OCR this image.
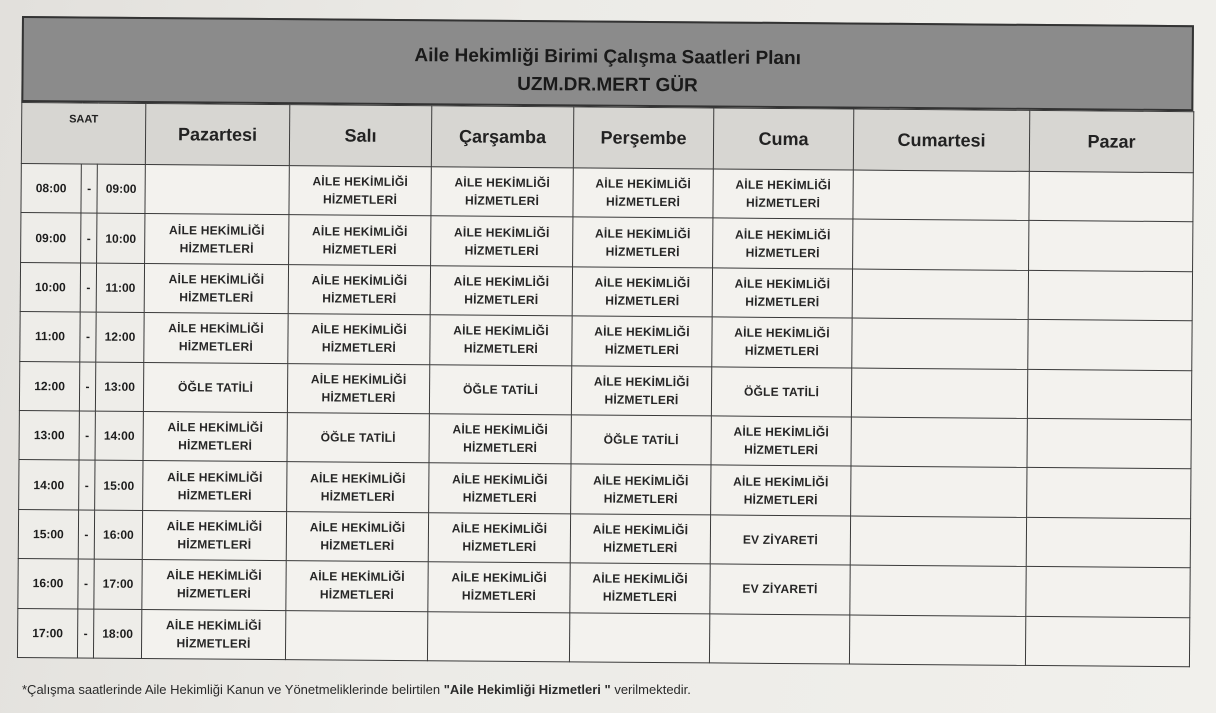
Aile Hekimliği Birimi Çalışma Saatleri Planı
UZM.DR.MERT GÜR
SAAT			Pazartesi	Salı	Çarşamba	Perşembe	Cuma	Cumartesi	Pazar
08:00	-	09:00		AİLE HEKİMLİĞİ HİZMETLERİ	AİLE HEKİMLİĞİ HİZMETLERİ	AİLE HEKİMLİĞİ HİZMETLERİ	AİLE HEKİMLİĞİ HİZMETLERİ		
09:00	-	10:00	AİLE HEKİMLİĞİ HİZMETLERİ	AİLE HEKİMLİĞİ HİZMETLERİ	AİLE HEKİMLİĞİ HİZMETLERİ	AİLE HEKİMLİĞİ HİZMETLERİ	AİLE HEKİMLİĞİ HİZMETLERİ		
10:00	-	11:00	AİLE HEKİMLİĞİ HİZMETLERİ	AİLE HEKİMLİĞİ HİZMETLERİ	AİLE HEKİMLİĞİ HİZMETLERİ	AİLE HEKİMLİĞİ HİZMETLERİ	AİLE HEKİMLİĞİ HİZMETLERİ		
11:00	-	12:00	AİLE HEKİMLİĞİ HİZMETLERİ	AİLE HEKİMLİĞİ HİZMETLERİ	AİLE HEKİMLİĞİ HİZMETLERİ	AİLE HEKİMLİĞİ HİZMETLERİ	AİLE HEKİMLİĞİ HİZMETLERİ		
12:00	-	13:00	ÖĞLE TATİLİ	AİLE HEKİMLİĞİ HİZMETLERİ	ÖĞLE TATİLİ	AİLE HEKİMLİĞİ HİZMETLERİ	ÖĞLE TATİLİ		
13:00	-	14:00	AİLE HEKİMLİĞİ HİZMETLERİ	ÖĞLE TATİLİ	AİLE HEKİMLİĞİ HİZMETLERİ	ÖĞLE TATİLİ	AİLE HEKİMLİĞİ HİZMETLERİ		
14:00	-	15:00	AİLE HEKİMLİĞİ HİZMETLERİ	AİLE HEKİMLİĞİ HİZMETLERİ	AİLE HEKİMLİĞİ HİZMETLERİ	AİLE HEKİMLİĞİ HİZMETLERİ	AİLE HEKİMLİĞİ HİZMETLERİ		
15:00	-	16:00	AİLE HEKİMLİĞİ HİZMETLERİ	AİLE HEKİMLİĞİ HİZMETLERİ	AİLE HEKİMLİĞİ HİZMETLERİ	AİLE HEKİMLİĞİ HİZMETLERİ	EV ZİYARETİ		
16:00	-	17:00	AİLE HEKİMLİĞİ HİZMETLERİ	AİLE HEKİMLİĞİ HİZMETLERİ	AİLE HEKİMLİĞİ HİZMETLERİ	AİLE HEKİMLİĞİ HİZMETLERİ	EV ZİYARETİ		
17:00	-	18:00	AİLE HEKİMLİĞİ HİZMETLERİ						
*Çalışma saatlerinde Aile Hekimliği Kanun ve Yönetmeliklerinde belirtilen "Aile Hekimliği Hizmetleri " verilmektedir.
